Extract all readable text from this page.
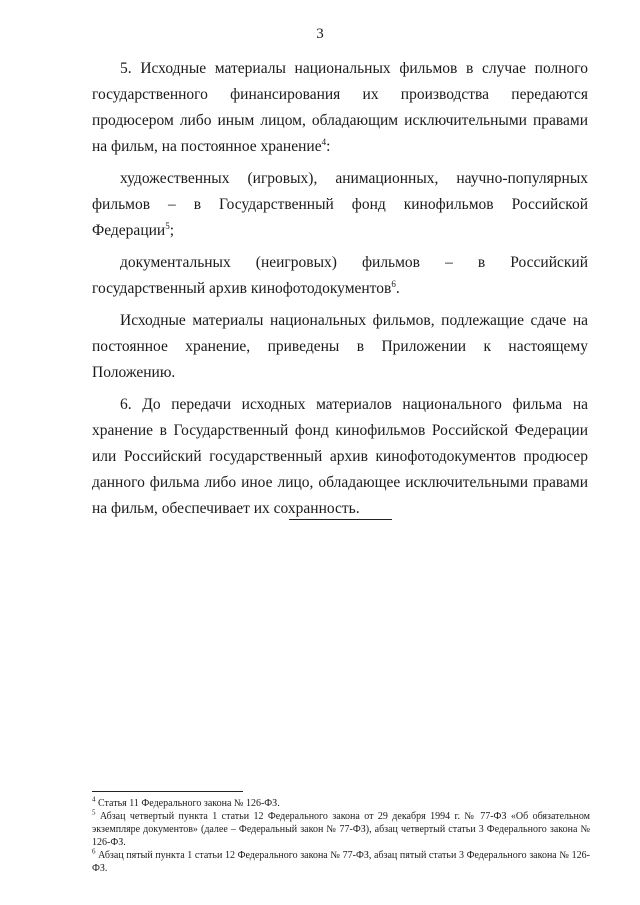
3

5. Исходные материалы национальных фильмов в случае полного государственного финансирования их производства передаются продюсером либо иным лицом, обладающим исключительными правами на фильм, на постоянное хранение$^4$:

художественных (игровых), анимационных, научно-популярных фильмов – в Государственный фонд кинофильмов Российской Федерации$^5$;

документальных (неигровых) фильмов – в Российский государственный архив кинофотодокументов$^6$.

Исходные материалы национальных фильмов, подлежащие сдаче на постоянное хранение, приведены в Приложении к настоящему Положению.

6. До передачи исходных материалов национального фильма на хранение в Государственный фонд кинофильмов Российской Федерации или Российский государственный архив кинофотодокументов продюсер данного фильма либо иное лицо, обладающее исключительными правами на фильм, обеспечивает их сохранность.

$^4$ Статья 11 Федерального закона № 126-ФЗ.

$^5$ Абзац четвертый пункта 1 статьи 12 Федерального закона от 29 декабря 1994 г. № 77-ФЗ «Об обязательном экземпляре документов» (далее – Федеральный закон № 77-ФЗ), абзац четвертый статьи 3 Федерального закона № 126-ФЗ.

$^6$ Абзац пятый пункта 1 статьи 12 Федерального закона № 77-ФЗ, абзац пятый статьи 3 Федерального закона № 126-ФЗ.
